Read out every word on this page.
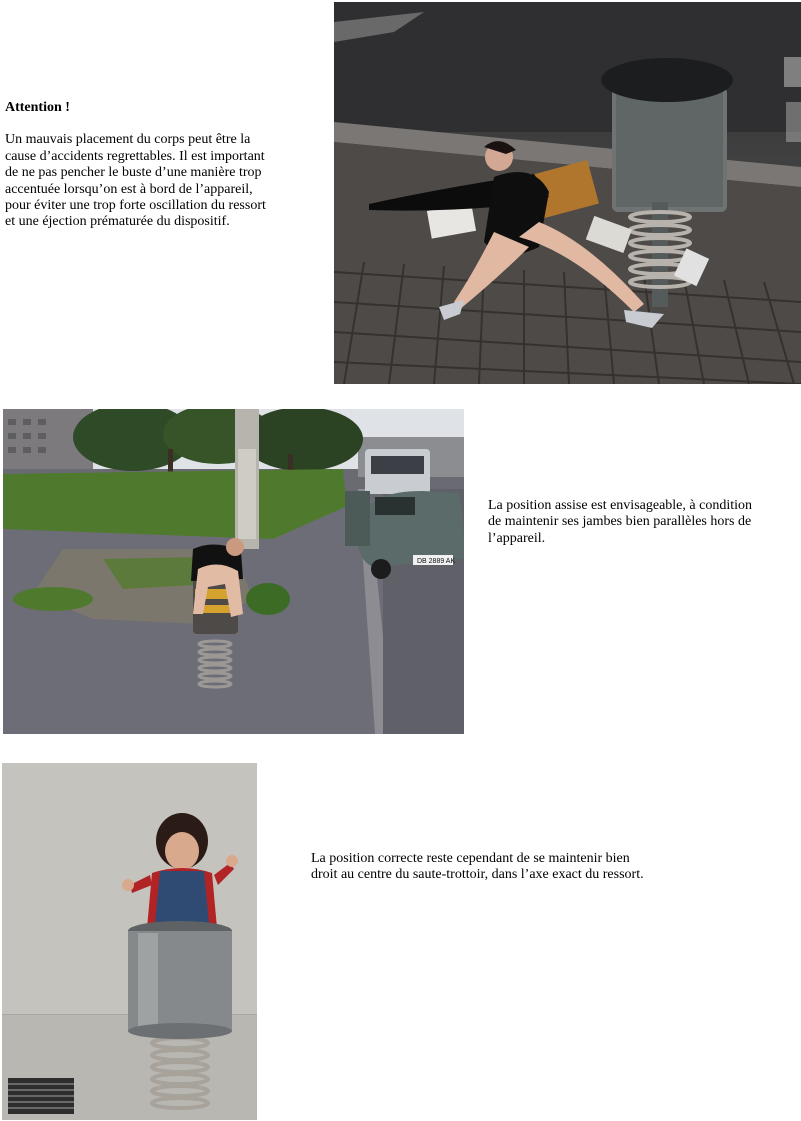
Attention !

Un mauvais placement du corps peut être la

cause d’accidents regrettables. Il est important

de ne pas pencher le buste d’une manière trop

accentuée lorsqu’on est à bord de l’appareil,

pour éviter une trop forte oscillation du ressort

et une éjection prématurée du dispositif.

DB 2889 AK

La position assise est envisageable, à condition

de maintenir ses jambes bien parallèles hors de

l’appareil.

La position correcte reste cependant de se maintenir bien

droit au centre du saute-trottoir, dans l’axe exact du ressort.
